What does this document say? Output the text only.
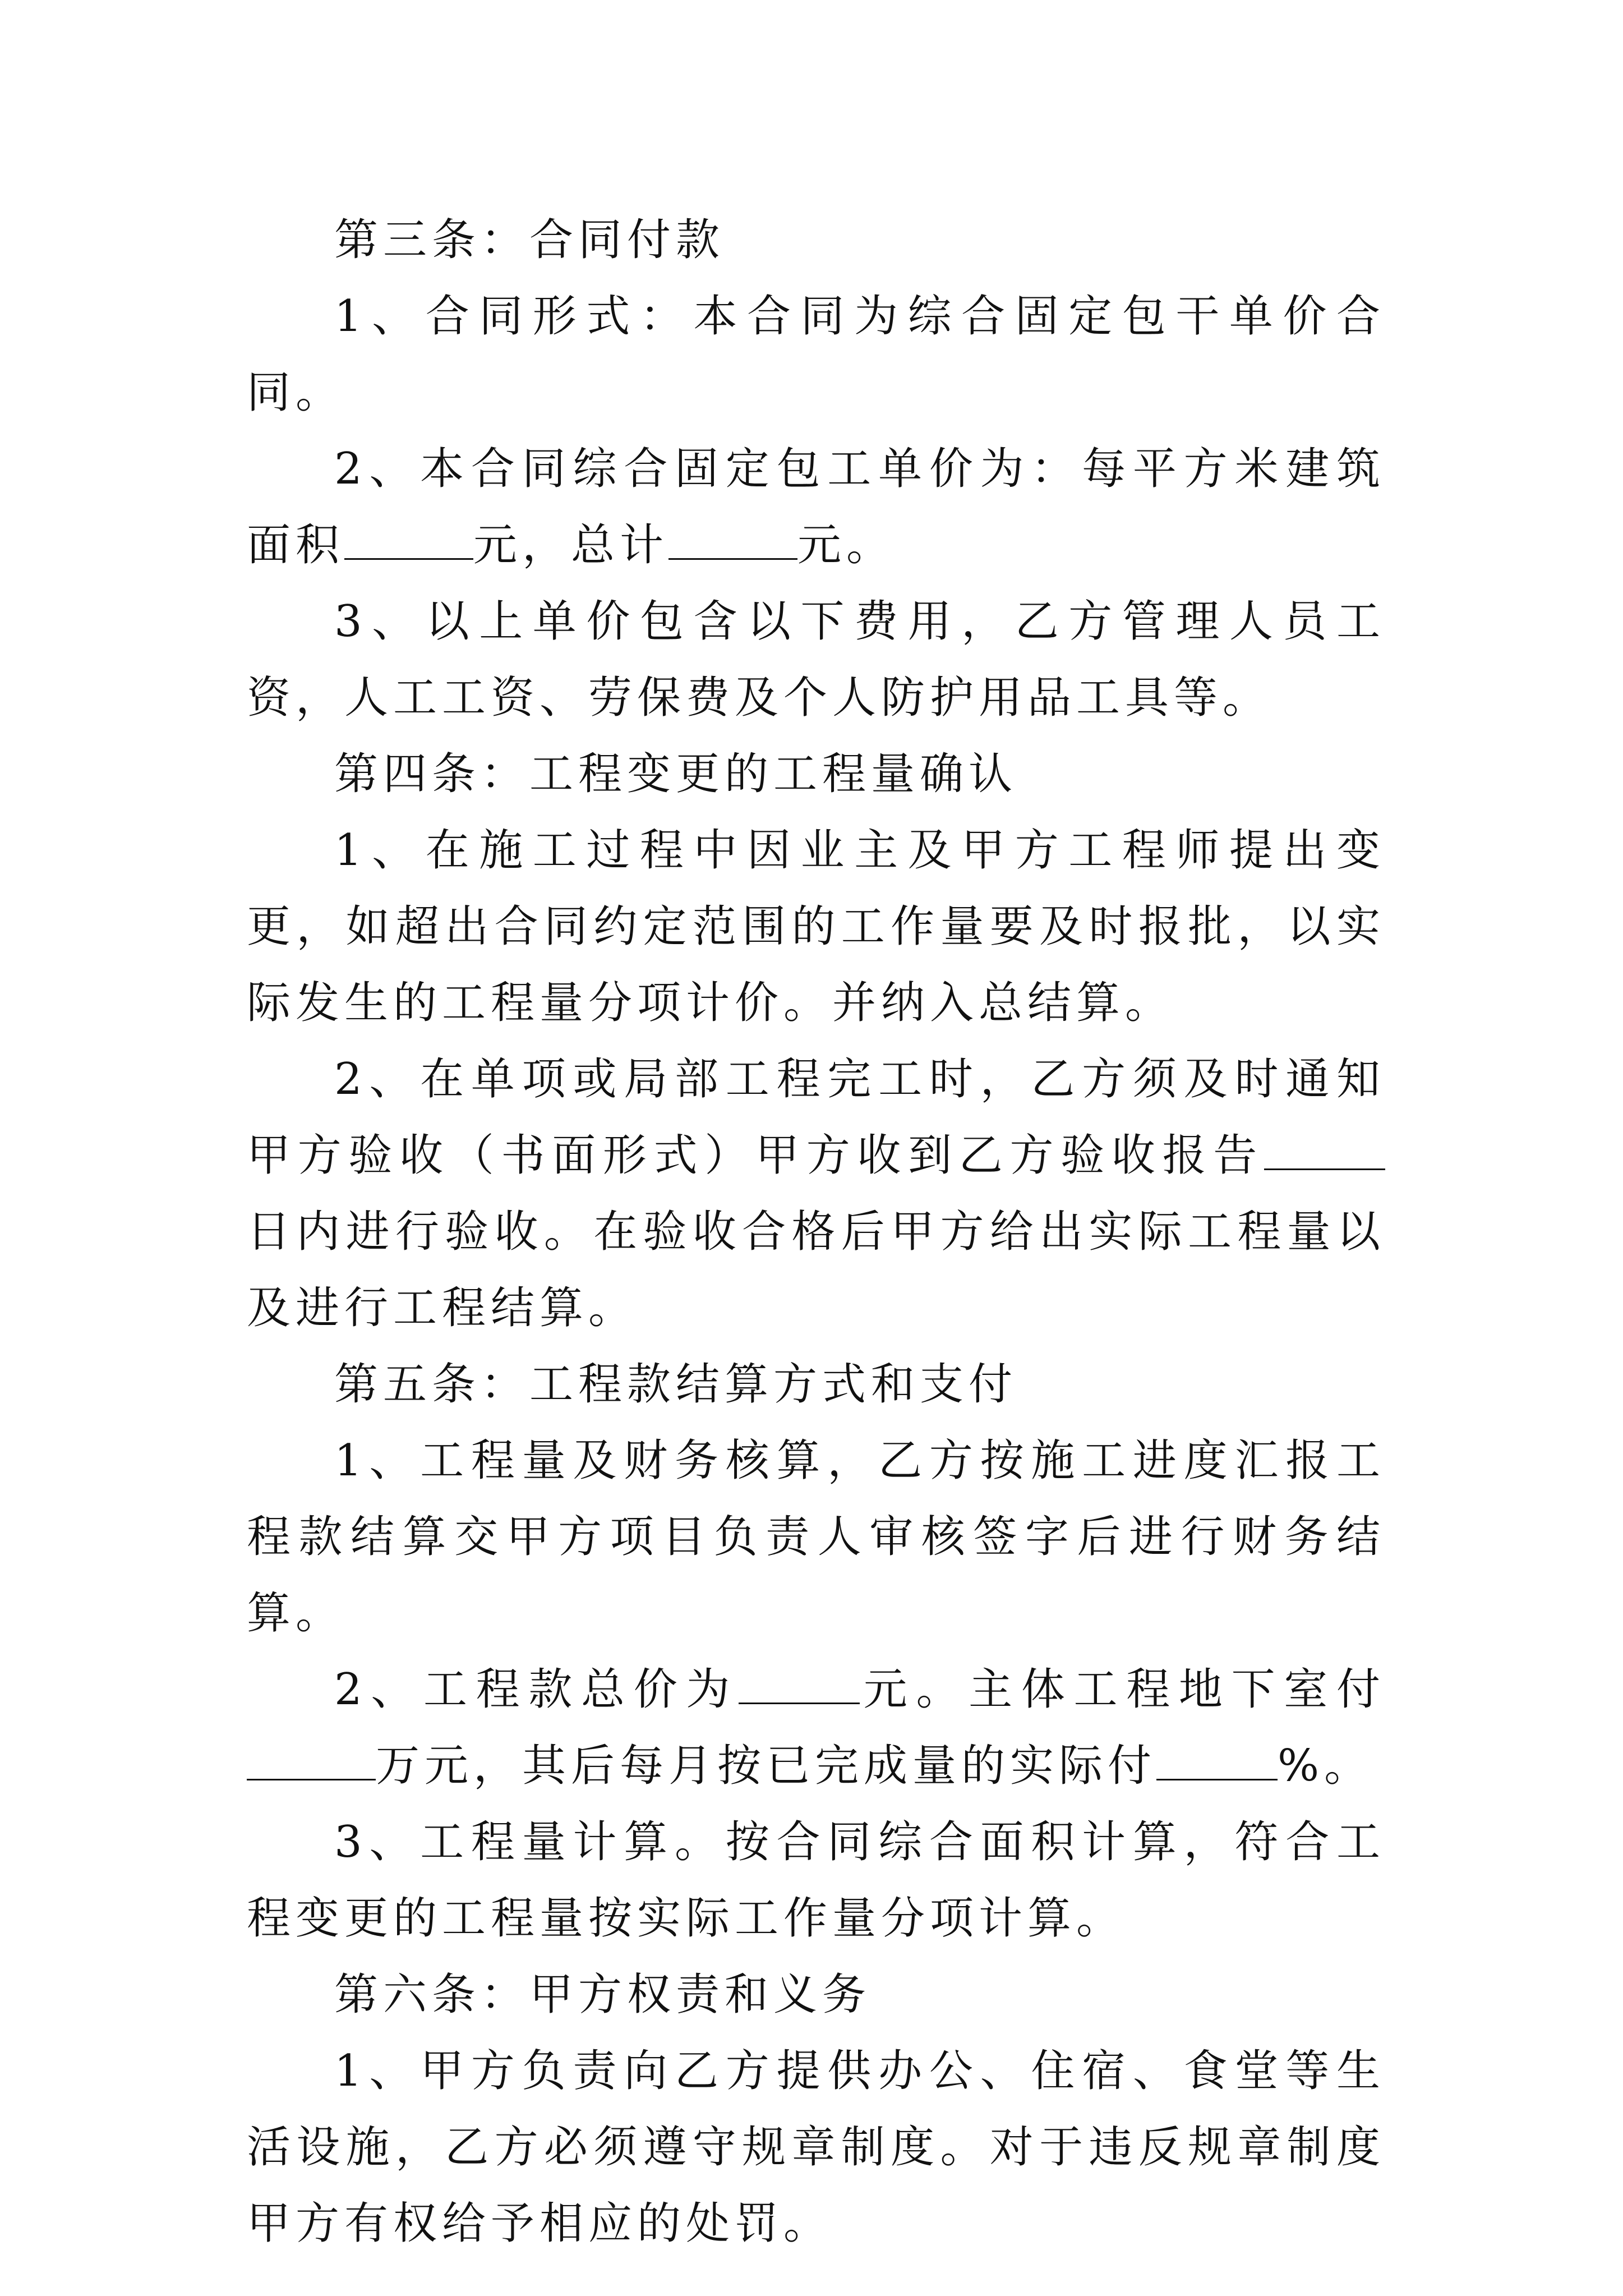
第三条：合同付款

1、合同形式：本合同为综合固定包干单价合同。

2、本合同综合固定包工单价为：每平方米建筑面积	元，总计	元。

3、以上单价包含以下费用，乙方管理人员工资，人工工资、劳保费及个人防护用品工具等。

第四条：工程变更的工程量确认

1、在施工过程中因业主及甲方工程师提出变更，如超出合同约定范围的工作量要及时报批，以实际发生的工程量分项计价。并纳入总结算。

2、在单项或局部工程完工时，乙方须及时通知甲方验收（书面形式）甲方收到乙方验收报告日内进行验收。在验收合格后甲方给出实际工程量以及进行工程结算。

第五条：工程款结算方式和支付

1、工程量及财务核算，乙方按施工进度汇报工程款结算交甲方项目负责人审核签字后进行财务结算。

2、工程款总价为	元。主体工程地下室付万元，其后每月按已完成量的实际付	%。

3、工程量计算。按合同综合面积计算，符合工程变更的工程量按实际工作量分项计算。

第六条：甲方权责和义务

1、甲方负责向乙方提供办公、住宿、食堂等生活设施，乙方必须遵守规章制度。对于违反规章制度甲方有权给予相应的处罚。
